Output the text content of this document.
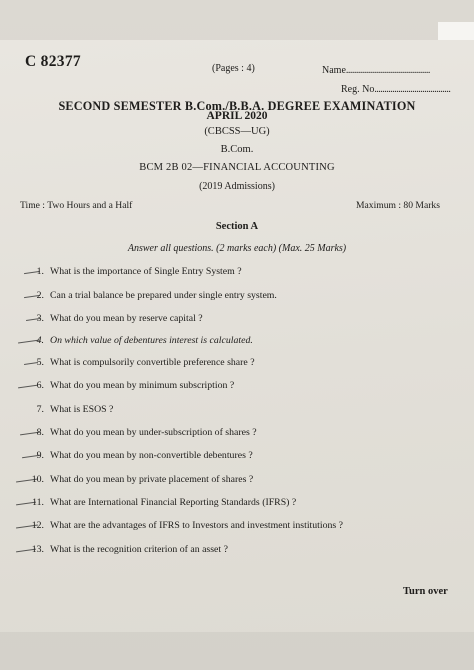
C 82377	(Pages : 4)	Name..........................................
Reg. No......................................
SECOND SEMESTER B.Com./B.B.A. DEGREE EXAMINATION
APRIL 2020
(CBCSS—UG)
B.Com.
BCM 2B 02—FINANCIAL ACCOUNTING
(2019 Admissions)
Time : Two Hours and a Half	Maximum : 80 Marks
Section A
Answer all questions. (2 marks each) (Max. 25 Marks)
1. What is the importance of Single Entry System ?
2. Can a trial balance be prepared under single entry system.
3. What do you mean by reserve capital ?
4. On which value of debentures interest is calculated.
5. What is compulsorily convertible preference share ?
6. What do you mean by minimum subscription ?
7. What is ESOS ?
8. What do you mean by under-subscription of shares ?
9. What do you mean by non-convertible debentures ?
10. What do you mean by private placement of shares ?
11. What are International Financial Reporting Standards (IFRS) ?
12. What are the advantages of IFRS to Investors and investment institutions ?
13. What is the recognition criterion of an asset ?
Turn over
